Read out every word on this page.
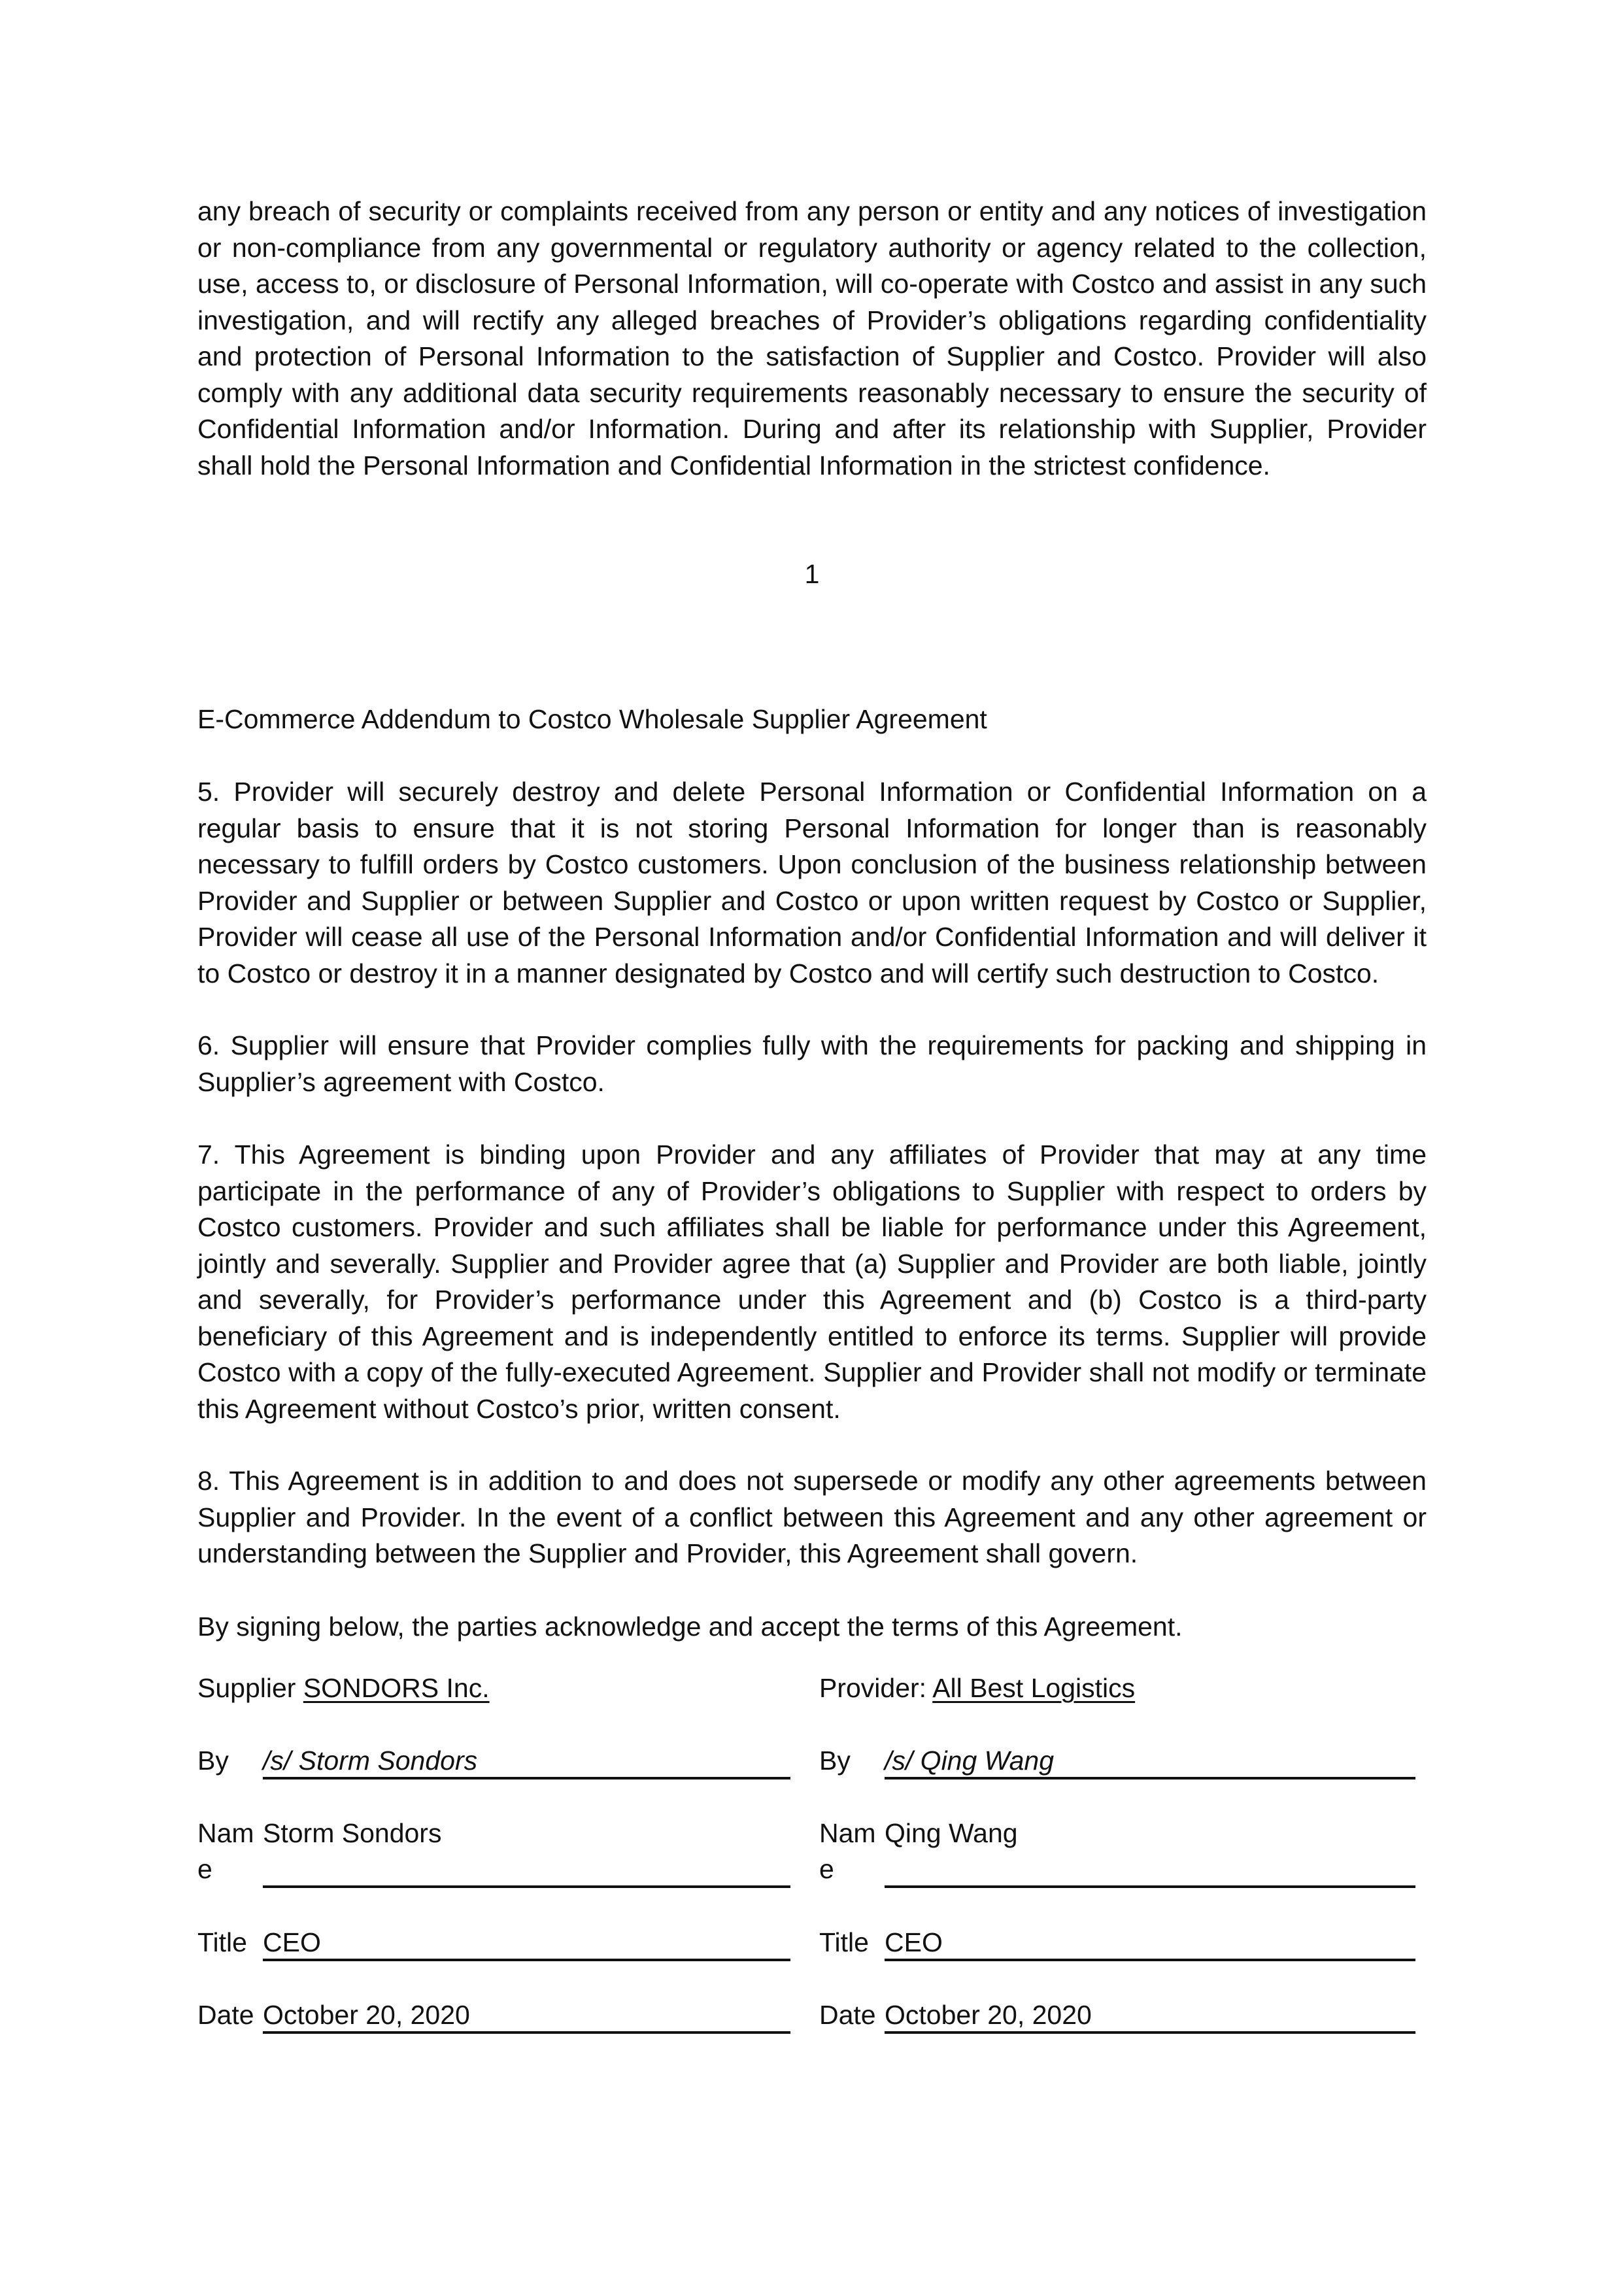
any breach of security or complaints received from any person or entity and any notices of investigation or non-compliance from any governmental or regulatory authority or agency related to the collection, use, access to, or disclosure of Personal Information, will co-operate with Costco and assist in any such investigation, and will rectify any alleged breaches of Provider’s obligations regarding confidentiality and protection of Personal Information to the satisfaction of Supplier and Costco. Provider will also comply with any additional data security requirements reasonably necessary to ensure the security of Confidential Information and/or Information. During and after its relationship with Supplier, Provider shall hold the Personal Information and Confidential Information in the strictest confidence.

1
E-Commerce Addendum to Costco Wholesale Supplier Agreement

5. Provider will securely destroy and delete Personal Information or Confidential Information on a regular basis to ensure that it is not storing Personal Information for longer than is reasonably necessary to fulfill orders by Costco customers. Upon conclusion of the business relationship between Provider and Supplier or between Supplier and Costco or upon written request by Costco or Supplier, Provider will cease all use of the Personal Information and/or Confidential Information and will deliver it to Costco or destroy it in a manner designated by Costco and will certify such destruction to Costco.

6. Supplier will ensure that Provider complies fully with the requirements for packing and shipping in Supplier’s agreement with Costco.

7. This Agreement is binding upon Provider and any affiliates of Provider that may at any time participate in the performance of any of Provider’s obligations to Supplier with respect to orders by Costco customers. Provider and such affiliates shall be liable for performance under this Agreement, jointly and severally. Supplier and Provider agree that (a) Supplier and Provider are both liable, jointly and severally, for Provider’s performance under this Agreement and (b) Costco is a third-party beneficiary of this Agreement and is independently entitled to enforce its terms. Supplier will provide Costco with a copy of the fully-executed Agreement. Supplier and Provider shall not modify or terminate this Agreement without Costco’s prior, written consent.

8. This Agreement is in addition to and does not supersede or modify any other agreements between Supplier and Provider. In the event of a conflict between this Agreement and any other agreement or understanding between the Supplier and Provider, this Agreement shall govern.

By signing below, the parties acknowledge and accept the terms of this Agreement.

Supplier SONDORS Inc.
By	/s/ Storm Sondors
Nam
e
Storm Sondors
Title CEO
Date October 20, 2020
Provider: All Best Logistics
By	/s/ Qing Wang
Nam
e
Qing Wang
Title CEO
Date October 20, 2020
